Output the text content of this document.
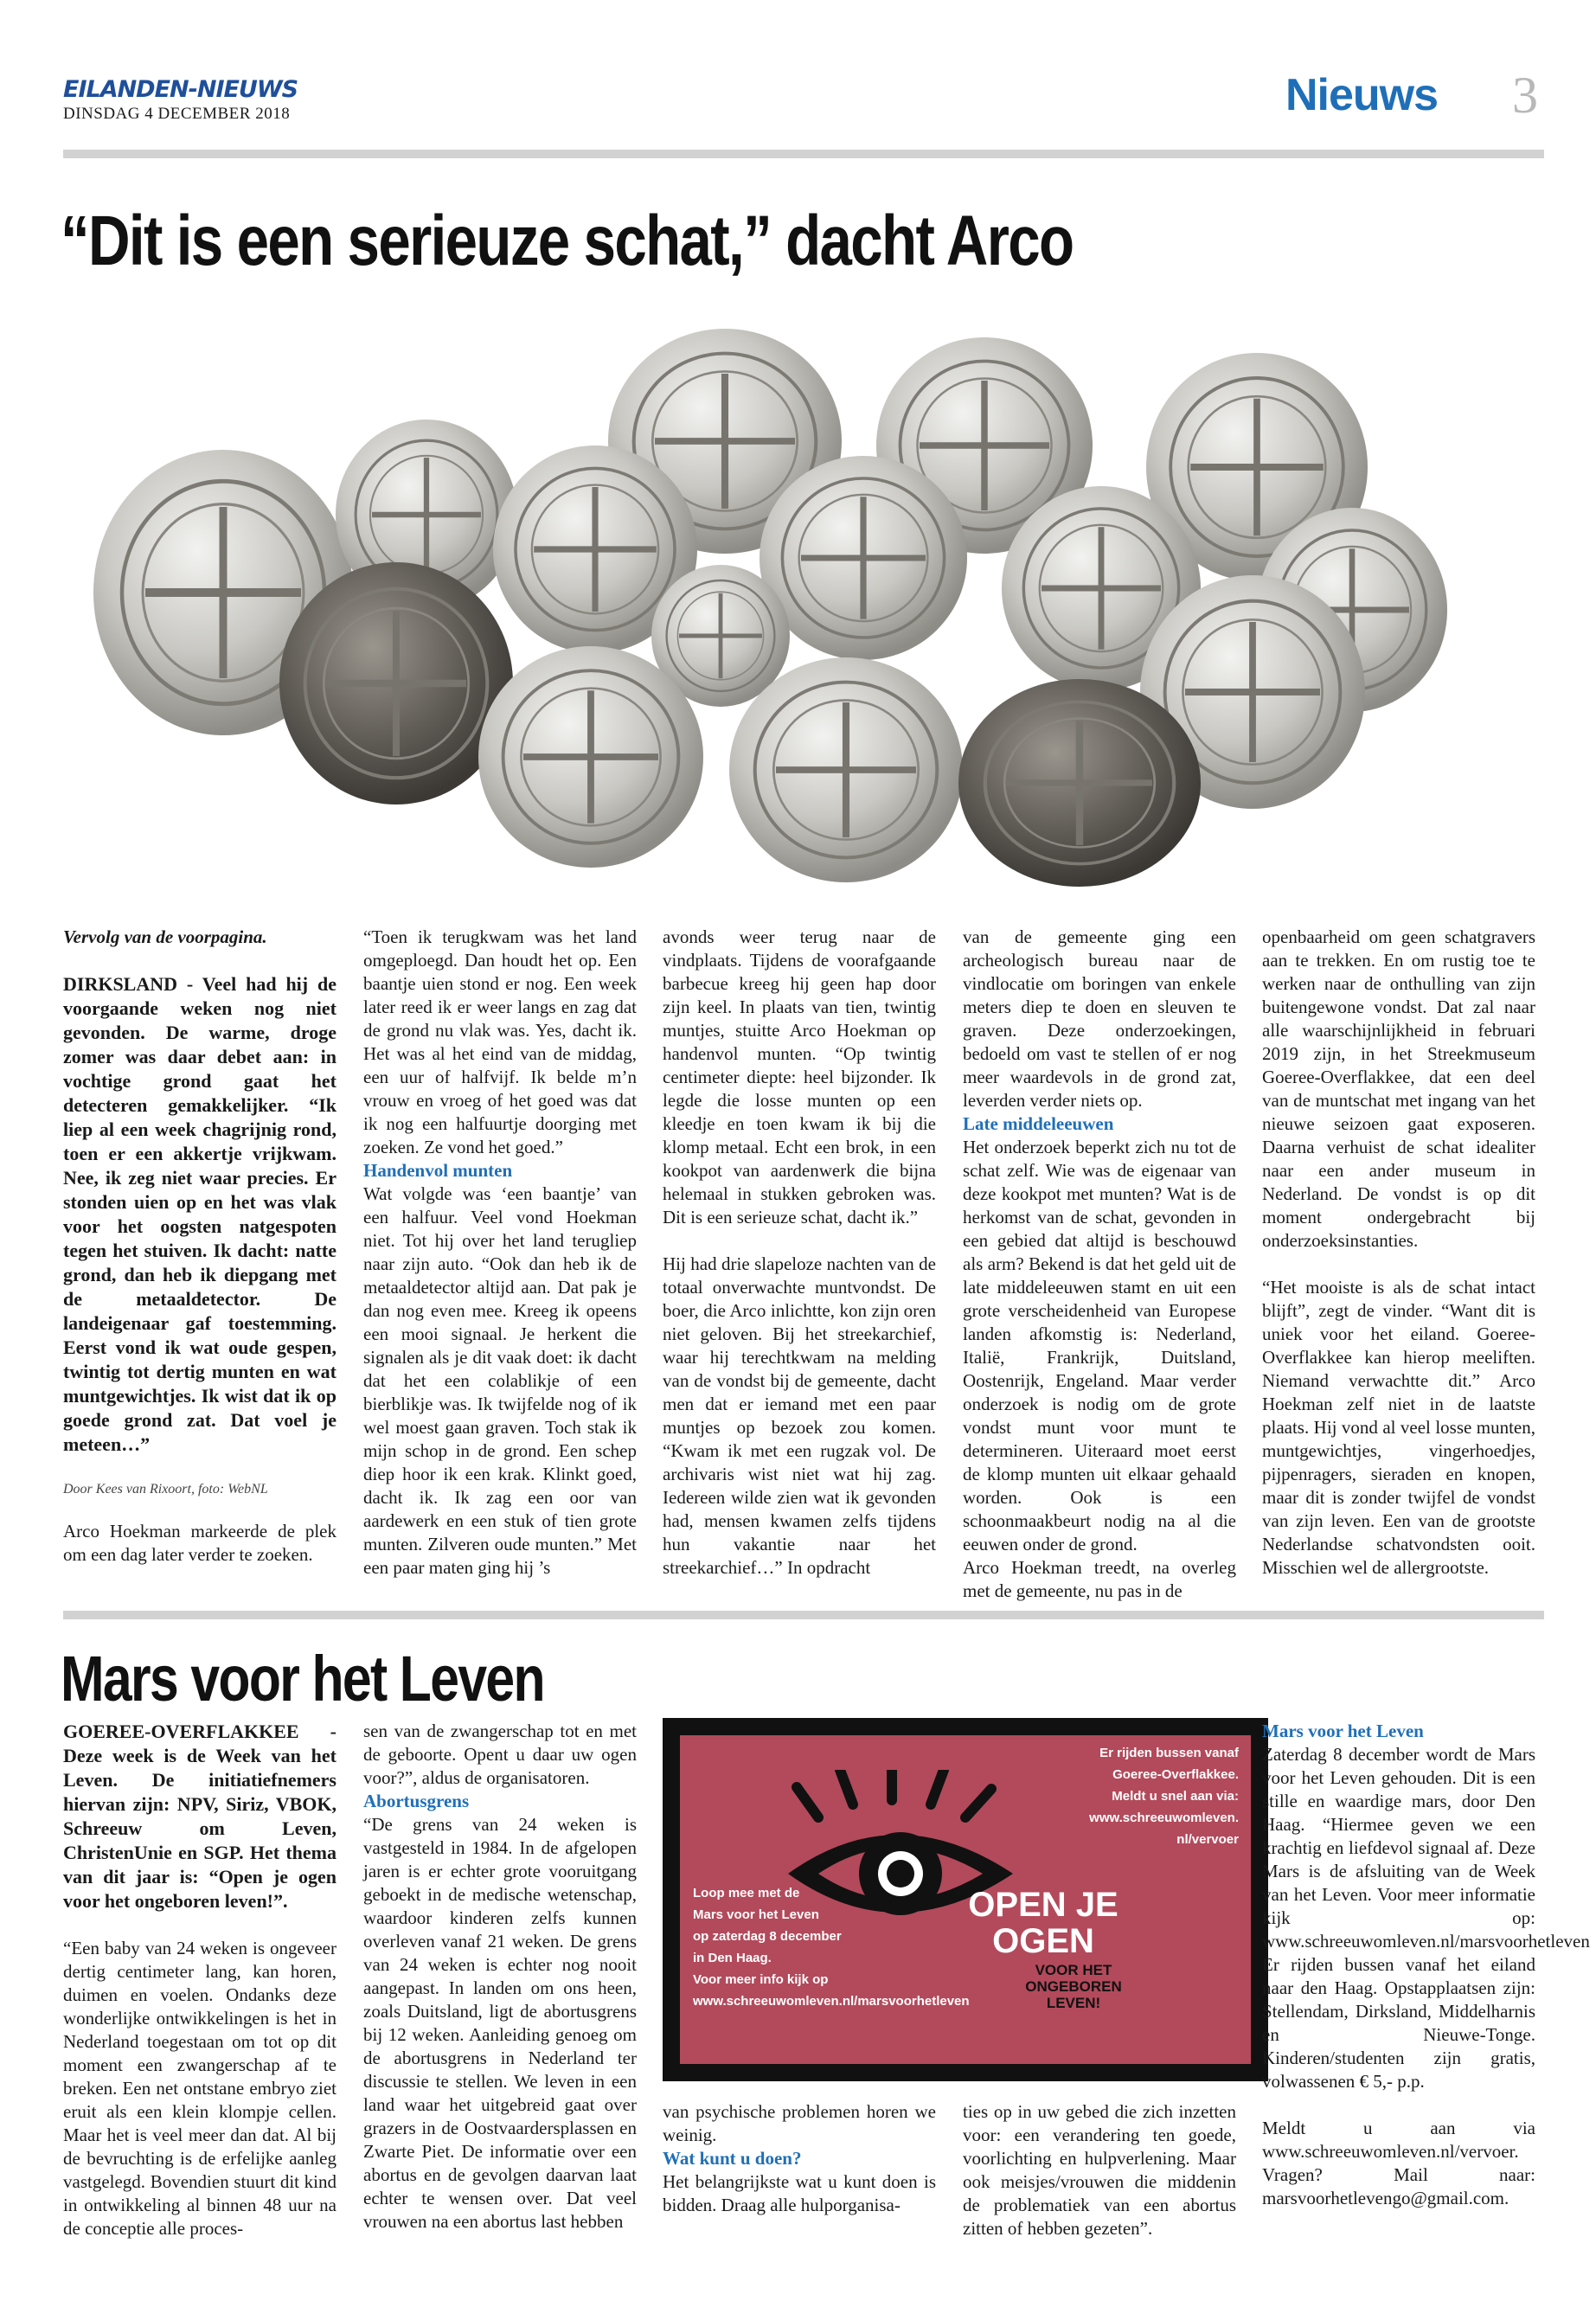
EILANDEN-NIEUWS
DINSDAG 4 DECEMBER 2018	Nieuws 3
“Dit is een serieuze schat,” dacht Arco

Vervolg van de voorpagina.

DIRKSLAND - Veel had hij de voorgaande weken nog niet gevonden. De warme, droge zomer was daar debet aan: in vochtige grond gaat het detecteren gemakkelijker. “Ik liep al een week chagrijnig rond, toen er een akkertje vrijkwam. Nee, ik zeg niet waar precies. Er stonden uien op en het was vlak voor het oogsten natgespoten tegen het stuiven. Ik dacht: natte grond, dan heb ik diepgang met de metaaldetector. De landeigenaar gaf toestemming. Eerst vond ik wat oude gespen, twintig tot dertig munten en wat muntgewichtjes. Ik wist dat ik op goede grond zat. Dat voel je meteen…”

Door Kees van Rixoort, foto: WebNL

Arco Hoekman markeerde de plek om een dag later verder te zoeken.

“Toen ik terugkwam was het land omgeploegd. Dan houdt het op. Een baantje uien stond er nog. Een week later reed ik er weer langs en zag dat de grond nu vlak was. Yes, dacht ik. Het was al het eind van de middag, een uur of halfvijf. Ik belde m’n vrouw en vroeg of het goed was dat ik nog een halfuurtje doorging met zoeken. Ze vond het goed.”

Handenvol munten

Wat volgde was ‘een baantje’ van een halfuur. Veel vond Hoekman niet. Tot hij over het land terugliep naar zijn auto. “Ook dan heb ik de metaaldetector altijd aan. Dat pak je dan nog even mee. Kreeg ik opeens een mooi signaal. Je herkent die signalen als je dit vaak doet: ik dacht dat het een colablikje of een bierblikje was. Ik twijfelde nog of ik wel moest gaan graven. Toch stak ik mijn schop in de grond. Een schep diep hoor ik een krak. Klinkt goed, dacht ik. Ik zag een oor van aardewerk en een stuk of tien grote munten. Zilveren oude munten.” Met een paar maten ging hij ’s

avonds weer terug naar de vindplaats. Tijdens de voorafgaande barbecue kreeg hij geen hap door zijn keel. In plaats van tien, twintig muntjes, stuitte Arco Hoekman op handenvol munten. “Op twintig centimeter diepte: heel bijzonder. Ik legde die losse munten op een kleedje en toen kwam ik bij die klomp metaal. Echt een brok, in een kookpot van aardenwerk die bijna helemaal in stukken gebroken was. Dit is een serieuze schat, dacht ik.”

Hij had drie slapeloze nachten van de totaal onverwachte muntvondst. De boer, die Arco inlichtte, kon zijn oren niet geloven. Bij het streekarchief, waar hij terechtkwam na melding van de vondst bij de gemeente, dacht men dat er iemand met een paar muntjes op bezoek zou komen. “Kwam ik met een rugzak vol. De archivaris wist niet wat hij zag. Iedereen wilde zien wat ik gevonden had, mensen kwamen zelfs tijdens hun vakantie naar het streekarchief…” In opdracht

van de gemeente ging een archeologisch bureau naar de vindlocatie om boringen van enkele meters diep te doen en sleuven te graven. Deze onderzoekingen, bedoeld om vast te stellen of er nog meer waardevols in de grond zat, leverden verder niets op.

Late middeleeuwen

Het onderzoek beperkt zich nu tot de schat zelf. Wie was de eigenaar van deze kookpot met munten? Wat is de herkomst van de schat, gevonden in een gebied dat altijd is beschouwd als arm? Bekend is dat het geld uit de late middeleeuwen stamt en uit een grote verscheidenheid van Europese landen afkomstig is: Nederland, Italië, Frankrijk, Duitsland, Oostenrijk, Engeland. Maar verder onderzoek is nodig om de grote vondst munt voor munt te determineren. Uiteraard moet eerst de klomp munten uit elkaar gehaald worden. Ook is een schoonmaakbeurt nodig na al die eeuwen onder de grond.

Arco Hoekman treedt, na overleg met de gemeente, nu pas in de

openbaarheid om geen schatgravers aan te trekken. En om rustig toe te werken naar de onthulling van zijn buitengewone vondst. Dat zal naar alle waarschijnlijkheid in februari 2019 zijn, in het Streekmuseum Goeree-Overflakkee, dat een deel van de muntschat met ingang van het nieuwe seizoen gaat exposeren. Daarna verhuist de schat idealiter naar een ander museum in Nederland. De vondst is op dit moment ondergebracht bij onderzoeksinstanties.

“Het mooiste is als de schat intact blijft”, zegt de vinder. “Want dit is uniek voor het eiland. Goeree-Overflakkee kan hierop meeliften. Niemand verwachtte dit.” Arco Hoekman zelf niet in de laatste plaats. Hij vond al veel losse munten, muntgewichtjes, vingerhoedjes, pijpenragers, sieraden en knopen, maar dit is zonder twijfel de vondst van zijn leven. Een van de grootste Nederlandse schatvondsten ooit. Misschien wel de allergrootste.

Mars voor het Leven

GOEREE-OVERFLAKKEE - Deze week is de Week van het Leven. De initiatiefnemers hiervan zijn: NPV, Siriz, VBOK, Schreeuw om Leven, ChristenUnie en SGP. Het thema van dit jaar is: “Open je ogen voor het ongeboren leven!”.

“Een baby van 24 weken is ongeveer dertig centimeter lang, kan horen, duimen en voelen. Ondanks deze wonderlijke ontwikkelingen is het in Nederland toegestaan om tot op dit moment een zwangerschap af te breken. Een net ontstane embryo ziet eruit als een klein klompje cellen. Maar het is veel meer dan dat. Al bij de bevruchting is de erfelijke aanleg vastgelegd. Bovendien stuurt dit kind in ontwikkeling al binnen 48 uur na de conceptie alle proces-

sen van de zwangerschap tot en met de geboorte. Opent u daar uw ogen voor?”, aldus de organisatoren.

Abortusgrens

“De grens van 24 weken is vastgesteld in 1984. In de afgelopen jaren is er echter grote vooruitgang geboekt in de medische wetenschap, waardoor kinderen zelfs kunnen overleven vanaf 21 weken. De grens van 24 weken is echter nog nooit aangepast. In landen om ons heen, zoals Duitsland, ligt de abortusgrens bij 12 weken. Aanleiding genoeg om de abortusgrens in Nederland ter discussie te stellen. We leven in een land waar het uitgebreid gaat over grazers in de Oostvaardersplassen en Zwarte Piet. De informatie over een abortus en de gevolgen daarvan laat echter te wensen over. Dat veel vrouwen na een abortus last hebben

Loop mee met de
Mars voor het Leven
op zaterdag 8 december
in Den Haag.
Voor meer info kijk op
www.schreeuwomleven.nl/marsvoorhetleven
Er rijden bussen vanaf
Goeree-Overflakkee.
Meldt u snel aan via:
www.schreeuwomleven.
nl/vervoer
OPEN JE
OGEN
VOOR HET
ONGEBOREN
LEVEN!

van psychische problemen horen we weinig.

Wat kunt u doen?

Het belangrijkste wat u kunt doen is bidden. Draag alle hulporganisa-

ties op in uw gebed die zich inzetten voor: een verandering ten goede, voorlichting en hulpverlening. Maar ook meisjes/vrouwen die middenin de problematiek van een abortus zitten of hebben gezeten”.

Mars voor het Leven

Zaterdag 8 december wordt de Mars voor het Leven gehouden. Dit is een stille en waardige mars, door Den Haag. “Hiermee geven we een krachtig en liefdevol signaal af. Deze Mars is de afsluiting van de Week van het Leven. Voor meer informatie kijk op: www.schreeuwomleven.nl/marsvoorhetleven

Er rijden bussen vanaf het eiland naar den Haag. Opstapplaatsen zijn: Stellendam, Dirksland, Middelharnis en Nieuwe-Tonge. Kinderen/studenten zijn gratis, volwassenen € 5,- p.p.

Meldt u aan via www.schreeuwomleven.nl/vervoer. Vragen? Mail naar: marsvoorhetlevengo@gmail.com.
